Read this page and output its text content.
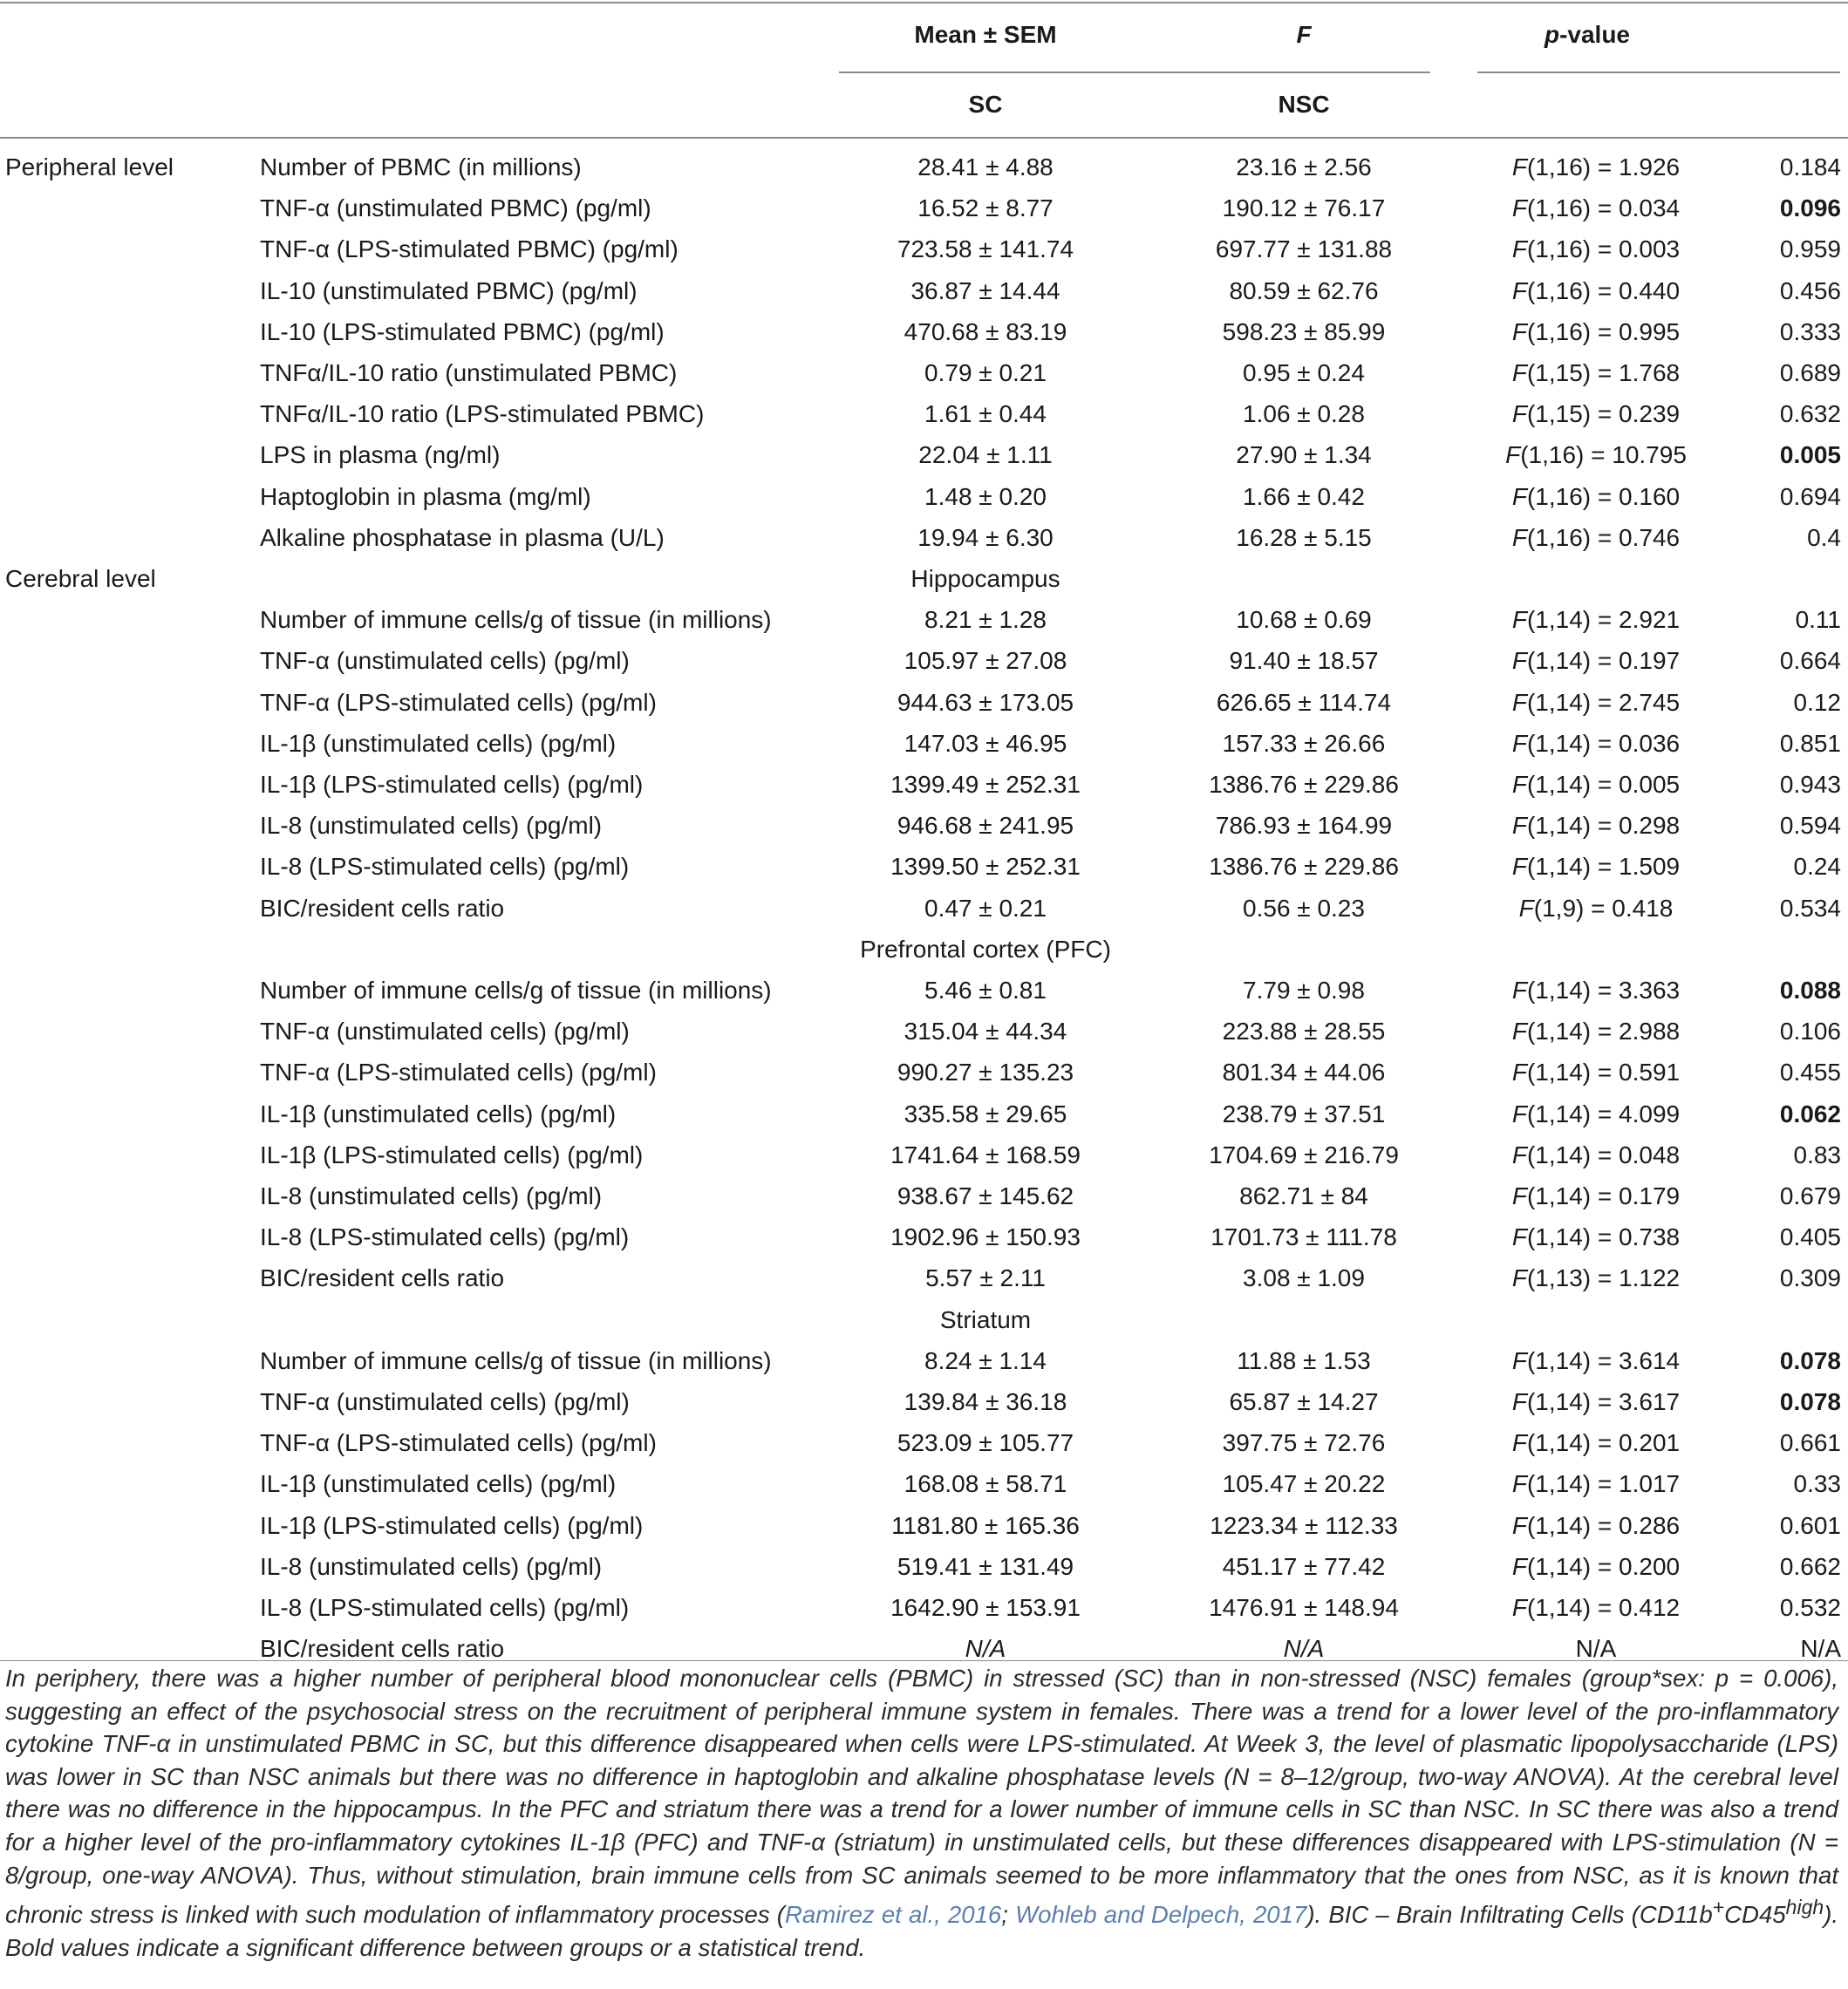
Mean ± SEM	F	p-value
SC	NSC
Peripheral level	Number of PBMC (in millions)	28.41 ± 4.88	23.16 ± 2.56	F(1,16) = 1.926	0.184
TNF-α (unstimulated PBMC) (pg/ml)	16.52 ± 8.77	190.12 ± 76.17	F(1,16) = 0.034	0.096
TNF-α (LPS-stimulated PBMC) (pg/ml)	723.58 ± 141.74	697.77 ± 131.88	F(1,16) = 0.003	0.959
IL-10 (unstimulated PBMC) (pg/ml)	36.87 ± 14.44	80.59 ± 62.76	F(1,16) = 0.440	0.456
IL-10 (LPS-stimulated PBMC) (pg/ml)	470.68 ± 83.19	598.23 ± 85.99	F(1,16) = 0.995	0.333
TNFα/IL-10 ratio (unstimulated PBMC)	0.79 ± 0.21	0.95 ± 0.24	F(1,15) = 1.768	0.689
TNFα/IL-10 ratio (LPS-stimulated PBMC)	1.61 ± 0.44	1.06 ± 0.28	F(1,15) = 0.239	0.632
LPS in plasma (ng/ml)	22.04 ± 1.11	27.90 ± 1.34	F(1,16) = 10.795	0.005
Haptoglobin in plasma (mg/ml)	1.48 ± 0.20	1.66 ± 0.42	F(1,16) = 0.160	0.694
Alkaline phosphatase in plasma (U/L)	19.94 ± 6.30	16.28 ± 5.15	F(1,16) = 0.746	0.4
Cerebral level	Hippocampus
Number of immune cells/g of tissue (in millions)	8.21 ± 1.28	10.68 ± 0.69	F(1,14) = 2.921	0.11
TNF-α (unstimulated cells) (pg/ml)	105.97 ± 27.08	91.40 ± 18.57	F(1,14) = 0.197	0.664
TNF-α (LPS-stimulated cells) (pg/ml)	944.63 ± 173.05	626.65 ± 114.74	F(1,14) = 2.745	0.12
IL-1β (unstimulated cells) (pg/ml)	147.03 ± 46.95	157.33 ± 26.66	F(1,14) = 0.036	0.851
IL-1β (LPS-stimulated cells) (pg/ml)	1399.49 ± 252.31	1386.76 ± 229.86	F(1,14) = 0.005	0.943
IL-8 (unstimulated cells) (pg/ml)	946.68 ± 241.95	786.93 ± 164.99	F(1,14) = 0.298	0.594
IL-8 (LPS-stimulated cells) (pg/ml)	1399.50 ± 252.31	1386.76 ± 229.86	F(1,14) = 1.509	0.24
BIC/resident cells ratio	0.47 ± 0.21	0.56 ± 0.23	F(1,9) = 0.418	0.534
Prefrontal cortex (PFC)
Number of immune cells/g of tissue (in millions)	5.46 ± 0.81	7.79 ± 0.98	F(1,14) = 3.363	0.088
TNF-α (unstimulated cells) (pg/ml)	315.04 ± 44.34	223.88 ± 28.55	F(1,14) = 2.988	0.106
TNF-α (LPS-stimulated cells) (pg/ml)	990.27 ± 135.23	801.34 ± 44.06	F(1,14) = 0.591	0.455
IL-1β (unstimulated cells) (pg/ml)	335.58 ± 29.65	238.79 ± 37.51	F(1,14) = 4.099	0.062
IL-1β (LPS-stimulated cells) (pg/ml)	1741.64 ± 168.59	1704.69 ± 216.79	F(1,14) = 0.048	0.83
IL-8 (unstimulated cells) (pg/ml)	938.67 ± 145.62	862.71 ± 84	F(1,14) = 0.179	0.679
IL-8 (LPS-stimulated cells) (pg/ml)	1902.96 ± 150.93	1701.73 ± 111.78	F(1,14) = 0.738	0.405
BIC/resident cells ratio	5.57 ± 2.11	3.08 ± 1.09	F(1,13) = 1.122	0.309
Striatum
Number of immune cells/g of tissue (in millions)	8.24 ± 1.14	11.88 ± 1.53	F(1,14) = 3.614	0.078
TNF-α (unstimulated cells) (pg/ml)	139.84 ± 36.18	65.87 ± 14.27	F(1,14) = 3.617	0.078
TNF-α (LPS-stimulated cells) (pg/ml)	523.09 ± 105.77	397.75 ± 72.76	F(1,14) = 0.201	0.661
IL-1β (unstimulated cells) (pg/ml)	168.08 ± 58.71	105.47 ± 20.22	F(1,14) = 1.017	0.33
IL-1β (LPS-stimulated cells) (pg/ml)	1181.80 ± 165.36	1223.34 ± 112.33	F(1,14) = 0.286	0.601
IL-8 (unstimulated cells) (pg/ml)	519.41 ± 131.49	451.17 ± 77.42	F(1,14) = 0.200	0.662
IL-8 (LPS-stimulated cells) (pg/ml)	1642.90 ± 153.91	1476.91 ± 148.94	F(1,14) = 0.412	0.532
BIC/resident cells ratio	N/A	N/A	N/A	N/A
In periphery, there was a higher number of peripheral blood mononuclear cells (PBMC) in stressed (SC) than in non-stressed (NSC) females (group*sex: p = 0.006), suggesting an effect of the psychosocial stress on the recruitment of peripheral immune system in females. There was a trend for a lower level of the pro-inflammatory cytokine TNF-α in unstimulated PBMC in SC, but this difference disappeared when cells were LPS-stimulated. At Week 3, the level of plasmatic lipopolysaccharide (LPS) was lower in SC than NSC animals but there was no difference in haptoglobin and alkaline phosphatase levels (N = 8–12/group, two-way ANOVA). At the cerebral level there was no difference in the hippocampus. In the PFC and striatum there was a trend for a lower number of immune cells in SC than NSC. In SC there was also a trend for a higher level of the pro-inflammatory cytokines IL-1β (PFC) and TNF-α (striatum) in unstimulated cells, but these differences disappeared with LPS-stimulation (N = 8/group, one-way ANOVA). Thus, without stimulation, brain immune cells from SC animals seemed to be more inflammatory that the ones from NSC, as it is known that chronic stress is linked with such modulation of inflammatory processes (Ramirez et al., 2016; Wohleb and Delpech, 2017). BIC – Brain Infiltrating Cells $(CD11b^+CD45^{high})$. Bold values indicate a significant difference between groups or a statistical trend.
